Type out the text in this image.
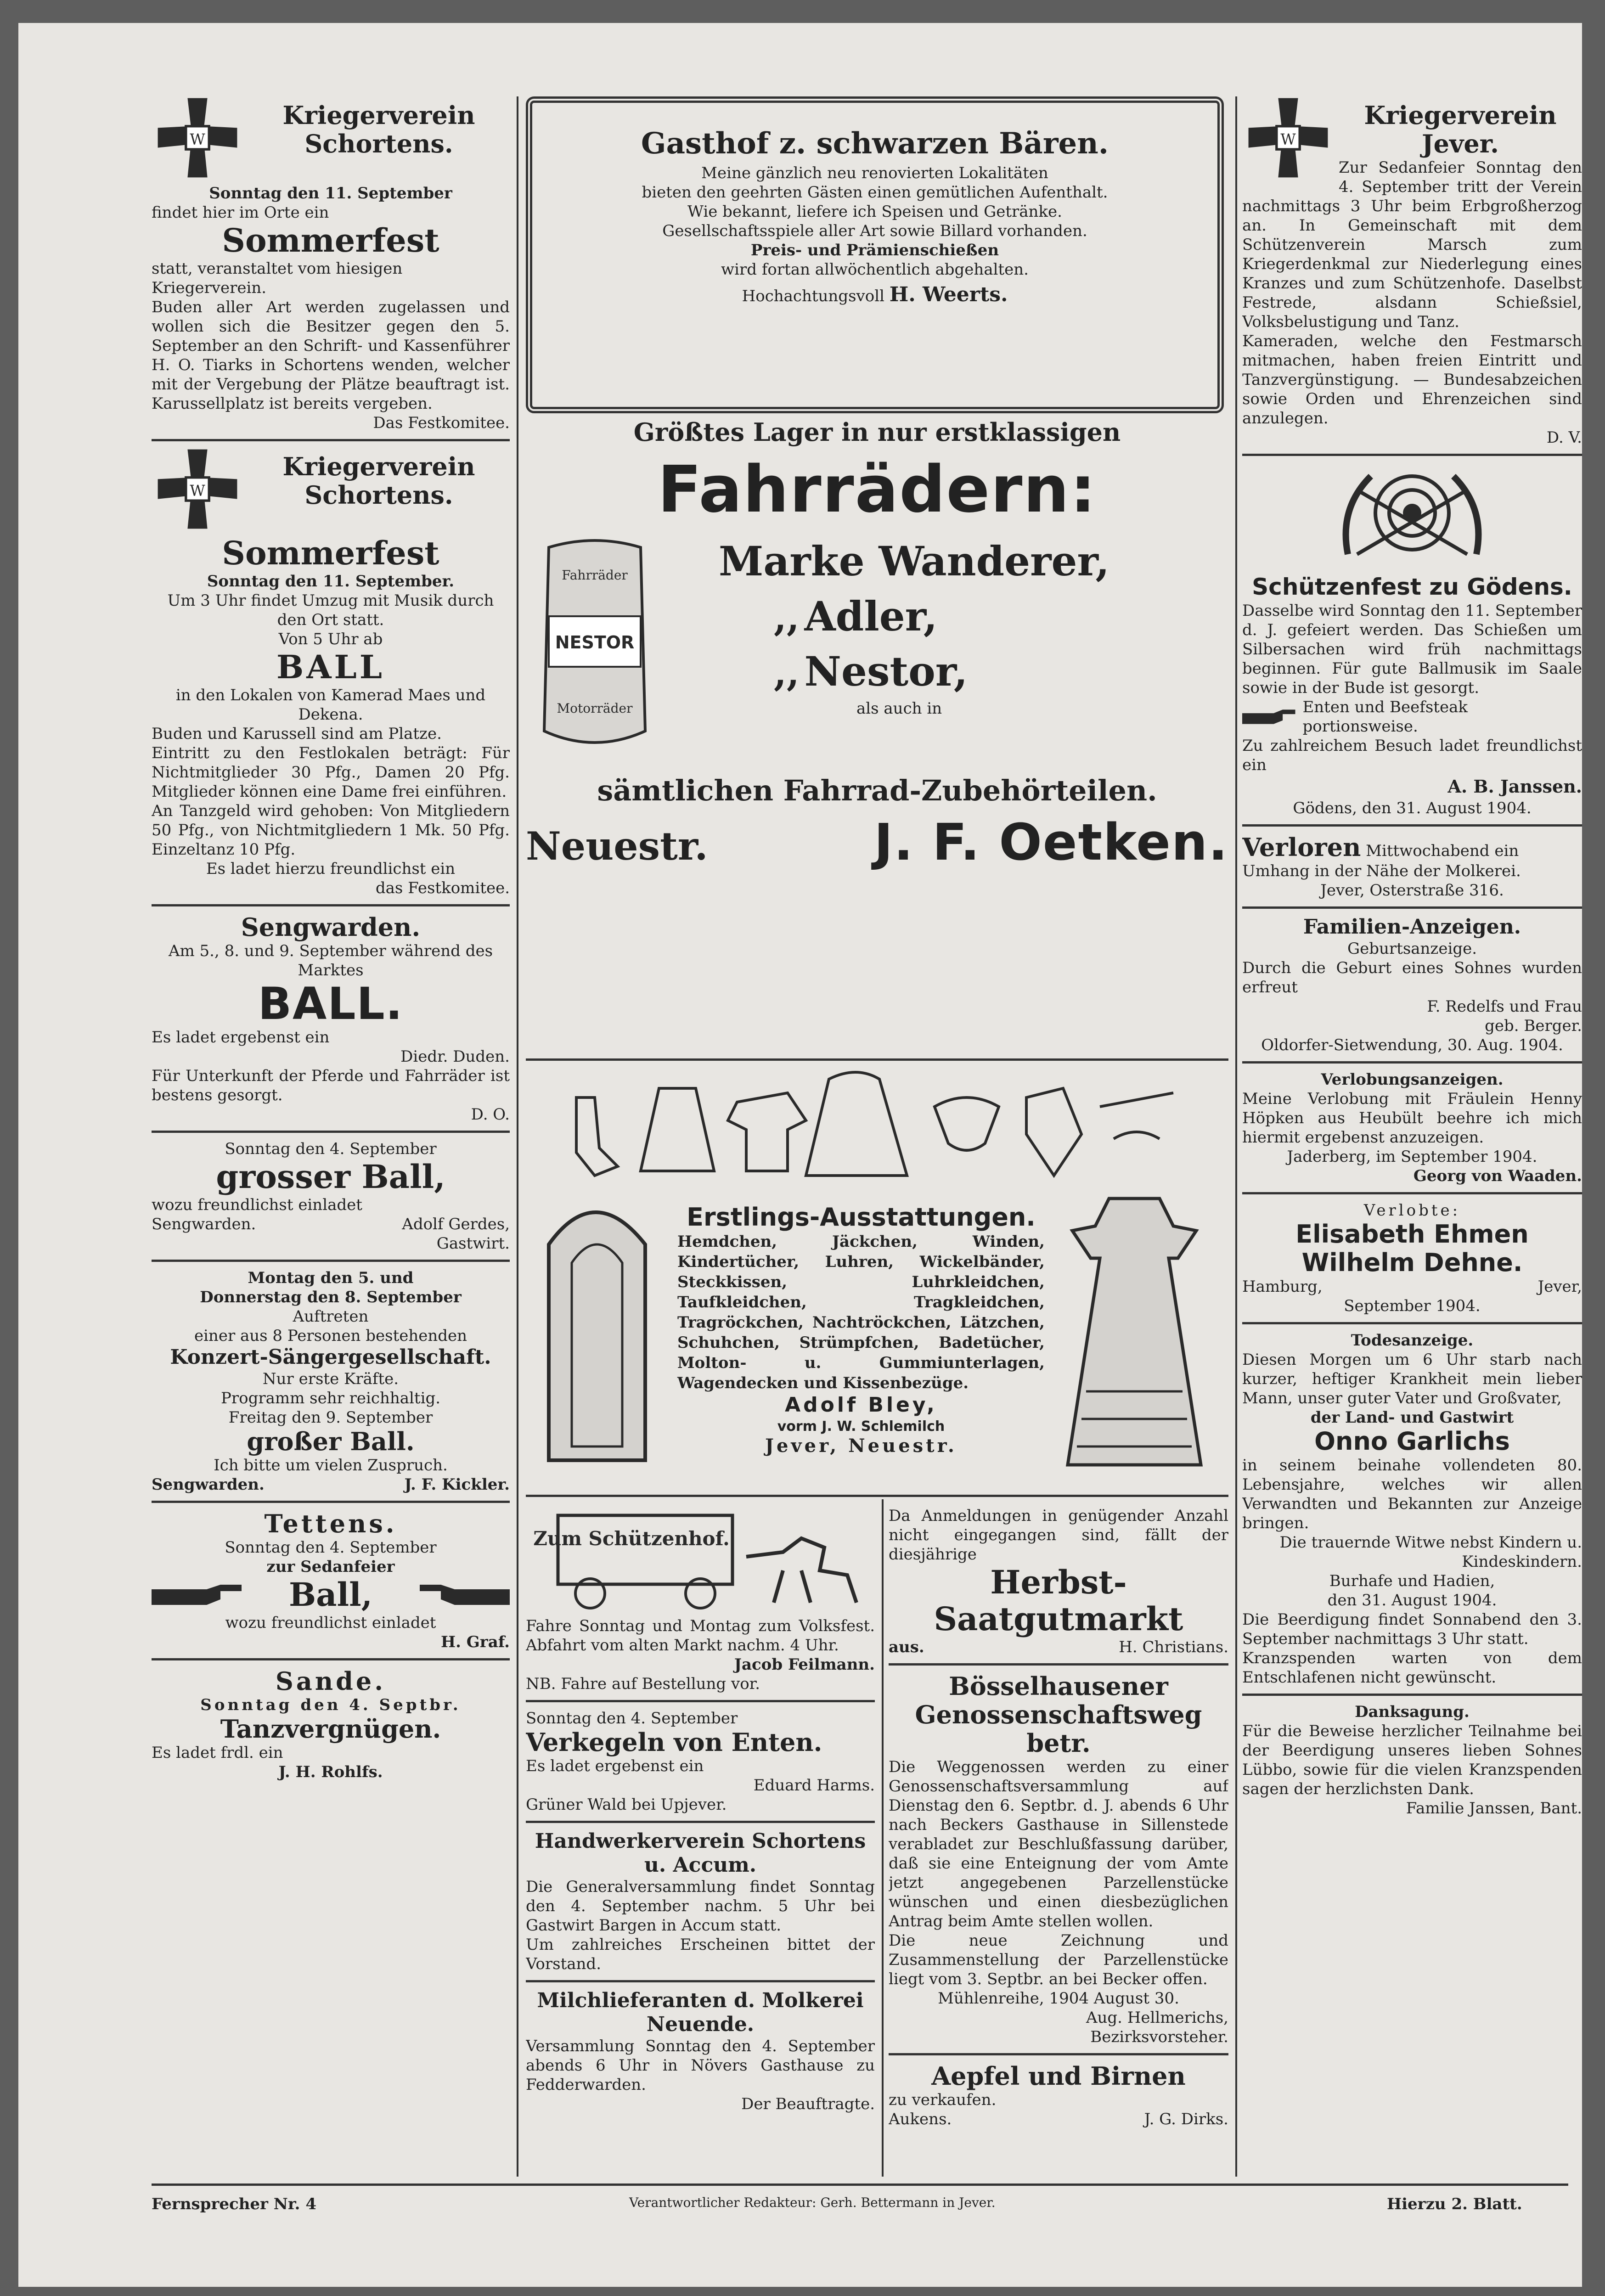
W
Kriegerverein Schortens.
Sonntag den 11. September
findet hier im Orte ein
Sommerfest
statt, veranstaltet vom hiesigen Kriegerverein.
Buden aller Art werden zugelassen und wollen sich die Besitzer gegen den 5. September an den Schrift- und Kassenführer H. O. Tiarks in Schortens wenden, welcher mit der Vergebung der Plätze beauftragt ist. Karussellplatz ist bereits vergeben.
Das Festkomitee.
W
Kriegerverein Schortens.
Sommerfest
Sonntag den 11. September.
Um 3 Uhr findet Umzug mit Musik durch den Ort statt.
Von 5 Uhr ab
BALL
in den Lokalen von Kamerad Maes und Dekena.
Buden und Karussell sind am Platze.
Eintritt zu den Festlokalen beträgt: Für Nichtmitglieder 30 Pfg., Damen 20 Pfg. Mitglieder können eine Dame frei einführen.
An Tanzgeld wird gehoben: Von Mitgliedern 50 Pfg., von Nichtmitgliedern 1 Mk. 50 Pfg. Einzeltanz 10 Pfg.
Es ladet hierzu freundlichst ein
das Festkomitee.
Sengwarden.
Am 5., 8. und 9. September während des Marktes
BALL.
Es ladet ergebenst ein
Diedr. Duden.
Für Unterkunft der Pferde und Fahrräder ist bestens gesorgt.
D. O.
Sonntag den 4. September
grosser Ball,
wozu freundlichst einladet
Sengwarden.	Adolf Gerdes,
Gastwirt.
Montag den 5. und
Donnerstag den 8. September
Auftreten
einer aus 8 Personen bestehenden
Konzert-Sängergesellschaft.
Nur erste Kräfte.
Programm sehr reichhaltig.
Freitag den 9. September
großer Ball.
Ich bitte um vielen Zuspruch.
Sengwarden.	J. F. Kickler.
Tettens.
Sonntag den 4. September
zur Sedanfeier
Ball,
wozu freundlichst einladet
H. Graf.
Sande.
Sonntag den 4. Septbr.
Tanzvergnügen.
Es ladet frdl. ein
J. H. Rohlfs.
Gasthof z. schwarzen Bären.
Meine gänzlich neu renovierten Lokalitäten
bieten den geehrten Gästen einen gemütlichen Aufenthalt.
Wie bekannt, liefere ich Speisen und Getränke.
Gesellschaftsspiele aller Art sowie Billard vorhanden.
Preis- und Prämienschießen
wird fortan allwöchentlich abgehalten.
Hochachtungsvoll H. Weerts.
Größtes Lager in nur erstklassigen
Fahrrädern:
Fahrräder
NESTOR
Motorräder
Marke Wanderer,
,, Adler,
,, Nestor,
als auch in
sämtlichen Fahrrad-Zubehörteilen.
Neuestr.	J. F. Oetken.
Erstlings-Ausstattungen.
Hemdchen, Jäckchen, Winden, Kindertücher, Luhren, Wickelbänder, Steckkissen, Luhrkleidchen, Taufkleidchen, Tragkleidchen, Tragröckchen, Nachtröckchen, Lätzchen, Schuhchen, Strümpfchen, Badetücher, Molton- u. Gummiunterlagen, Wagendecken und Kissenbezüge.
Adolf Bley,
vorm J. W. Schlemilch
Jever, Neuestr.
Zum Schützenhof.
Fahre Sonntag und Montag zum Volksfest. Abfahrt vom alten Markt nachm. 4 Uhr.
Jacob Feilmann.
NB. Fahre auf Bestellung vor.
Sonntag den 4. September
Verkegeln von Enten.
Es ladet ergebenst ein
Eduard Harms.
Grüner Wald bei Upjever.
Handwerkerverein Schortens u. Accum.
Die Generalversammlung findet Sonntag den 4. September nachm. 5 Uhr bei Gastwirt Bargen in Accum statt.
Um zahlreiches Erscheinen bittet der Vorstand.
Milchlieferanten d. Molkerei Neuende.
Versammlung Sonntag den 4. September abends 6 Uhr in Növers Gasthause zu Fedderwarden.
Der Beauftragte.
Da Anmeldungen in genügender Anzahl nicht eingegangen sind, fällt der diesjährige
Herbst-Saatgutmarkt
aus.	H. Christians.
Bösselhausener Genossenschaftsweg betr.
Die Weggenossen werden zu einer Genossenschaftsversammlung auf Dienstag den 6. Septbr. d. J. abends 6 Uhr nach Beckers Gasthause in Sillenstede verabladet zur Beschlußfassung darüber, daß sie eine Enteignung der vom Amte jetzt angegebenen Parzellenstücke wünschen und einen diesbezüglichen Antrag beim Amte stellen wollen.
Die neue Zeichnung und Zusammenstellung der Parzellenstücke liegt vom 3. Septbr. an bei Becker offen.
Mühlenreihe, 1904 August 30.
Aug. Hellmerichs,
Bezirksvorsteher.
Aepfel und Birnen
zu verkaufen.
Aukens.	J. G. Dirks.
W
Kriegerverein Jever.
Zur Sedanfeier Sonntag den 4. September tritt der Verein nachmittags 3 Uhr beim Erbgroßherzog an. In Gemeinschaft mit dem Schützenverein Marsch zum Kriegerdenkmal zur Niederlegung eines Kranzes und zum Schützenhofe. Daselbst Festrede, alsdann Schießsiel, Volksbelustigung und Tanz.
Kameraden, welche den Festmarsch mitmachen, haben freien Eintritt und Tanzvergünstigung. — Bundesabzeichen sowie Orden und Ehrenzeichen sind anzulegen.
D. V.
Schützenfest zu Gödens.
Dasselbe wird Sonntag den 11. September d. J. gefeiert werden. Das Schießen um Silbersachen wird früh nachmittags beginnen. Für gute Ballmusik im Saale sowie in der Bude ist gesorgt.
Enten und Beefsteak portionsweise.
Zu zahlreichem Besuch ladet freundlichst ein
A. B. Janssen.
Gödens, den 31. August 1904.
Verloren Mittwochabend ein Umhang in der Nähe der Molkerei.
Jever, Osterstraße 316.
Familien-Anzeigen.
Geburtsanzeige.
Durch die Geburt eines Sohnes wurden erfreut
F. Redelfs und Frau
geb. Berger.
Oldorfer-Sietwendung, 30. Aug. 1904.
Verlobungsanzeigen.
Meine Verlobung mit Fräulein Henny Höpken aus Heubült beehre ich mich hiermit ergebenst anzuzeigen.
Jaderberg, im September 1904.
Georg von Waaden.
Verlobte:
Elisabeth Ehmen
Wilhelm Dehne.
Hamburg,	Jever,
September 1904.
Todesanzeige.
Diesen Morgen um 6 Uhr starb nach kurzer, heftiger Krankheit mein lieber Mann, unser guter Vater und Großvater,
der Land- und Gastwirt
Onno Garlichs
in seinem beinahe vollendeten 80. Lebensjahre, welches wir allen Verwandten und Bekannten zur Anzeige bringen.
Die trauernde Witwe nebst Kindern u. Kindeskindern.
Burhafe und Hadien,
den 31. August 1904.
Die Beerdigung findet Sonnabend den 3. September nachmittags 3 Uhr statt.
Kranzspenden warten von dem Entschlafenen nicht gewünscht.
Danksagung.
Für die Beweise herzlicher Teilnahme bei der Beerdigung unseres lieben Sohnes Lübbo, sowie für die vielen Kranzspenden sagen der herzlichsten Dank.
Familie Janssen, Bant.
Fernsprecher Nr. 4	Verantwortlicher Redakteur: Gerh. Bettermann in Jever.	Hierzu 2. Blatt.
